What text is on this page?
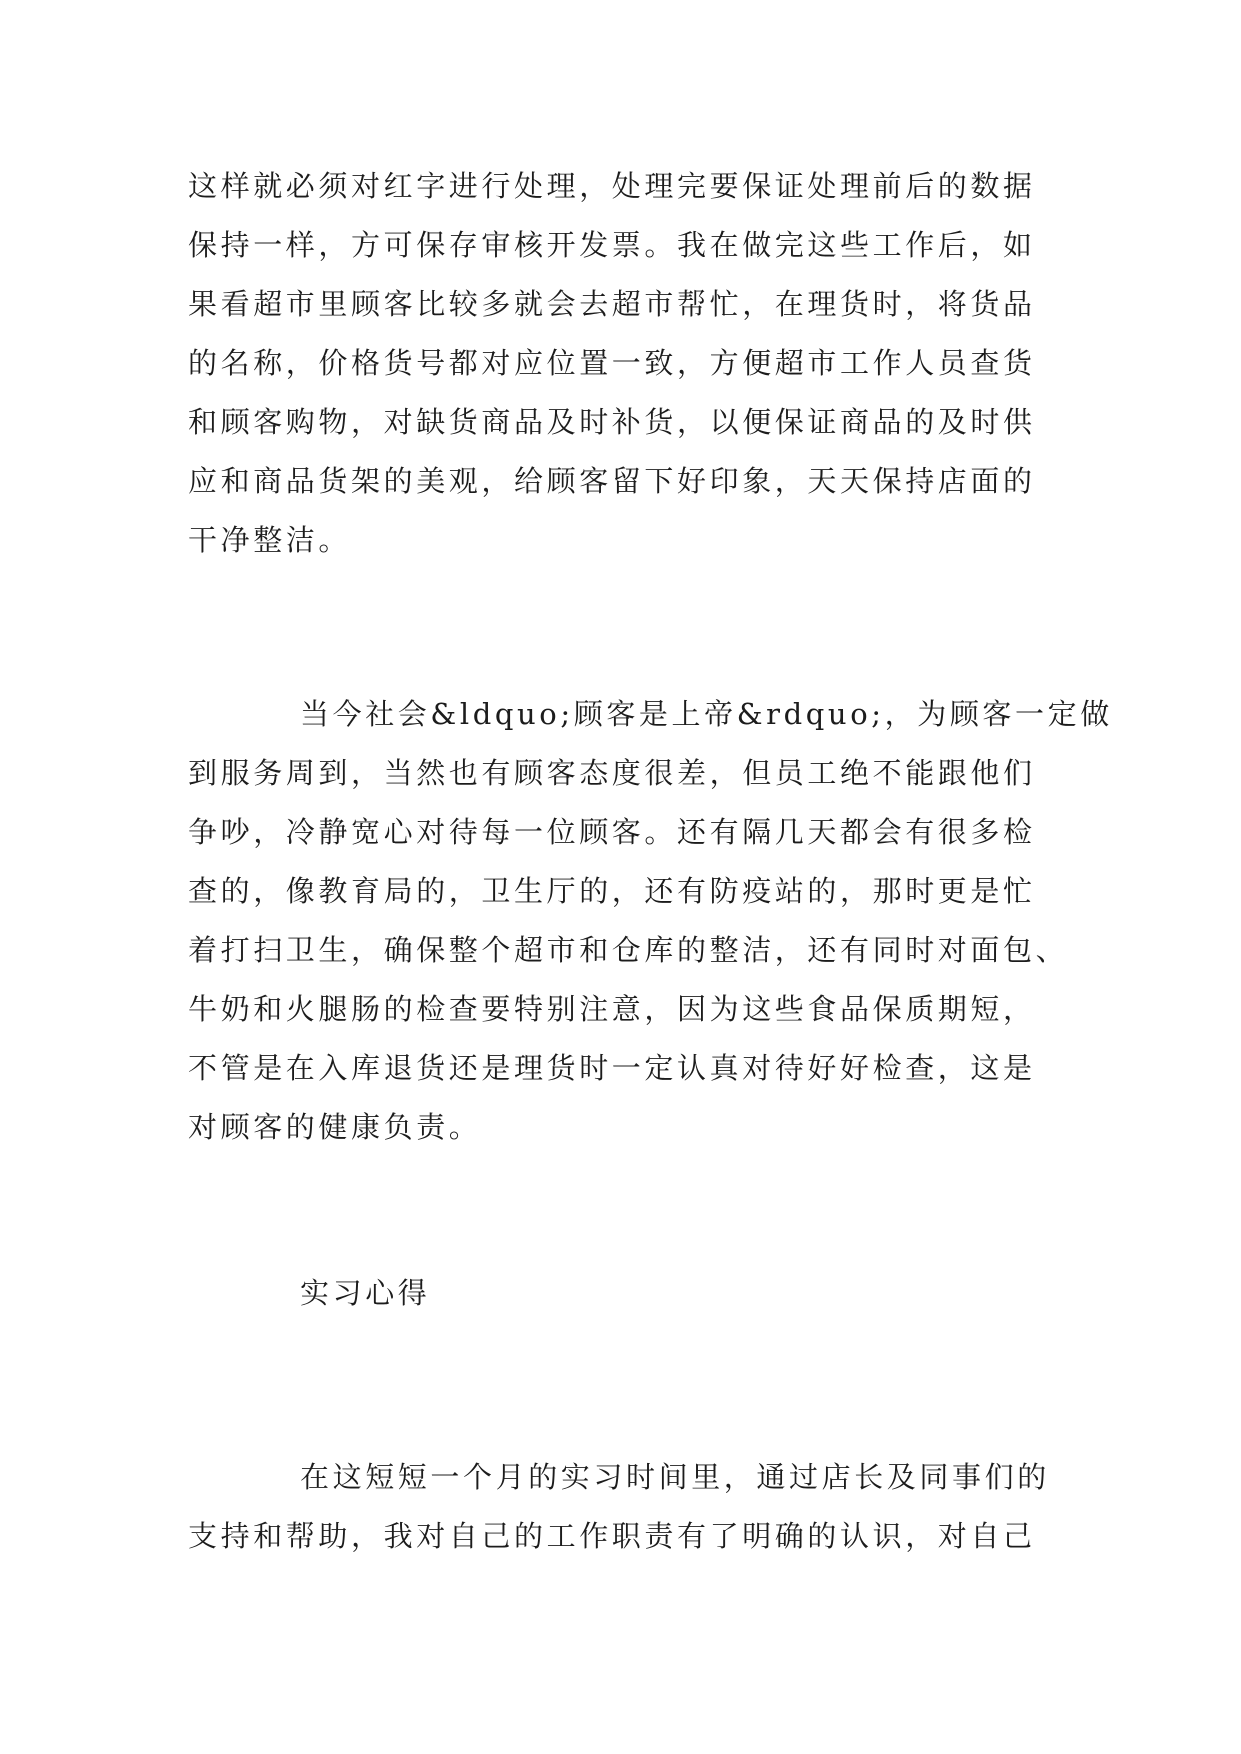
这样就必须对红字进行处理，处理完要保证处理前后的数据
保持一样，方可保存审核开发票。我在做完这些工作后，如
果看超市里顾客比较多就会去超市帮忙，在理货时，将货品
的名称，价格货号都对应位置一致，方便超市工作人员查货
和顾客购物，对缺货商品及时补货，以便保证商品的及时供
应和商品货架的美观，给顾客留下好印象，天天保持店面的
干净整洁。

当今社会&ldquo;顾客是上帝&rdquo;，为顾客一定做
到服务周到，当然也有顾客态度很差，但员工绝不能跟他们
争吵，冷静宽心对待每一位顾客。还有隔几天都会有很多检
查的，像教育局的，卫生厅的，还有防疫站的，那时更是忙
着打扫卫生，确保整个超市和仓库的整洁，还有同时对面包、
牛奶和火腿肠的检查要特别注意，因为这些食品保质期短，
不管是在入库退货还是理货时一定认真对待好好检查，这是
对顾客的健康负责。

实习心得

在这短短一个月的实习时间里，通过店长及同事们的
支持和帮助，我对自己的工作职责有了明确的认识，对自己
